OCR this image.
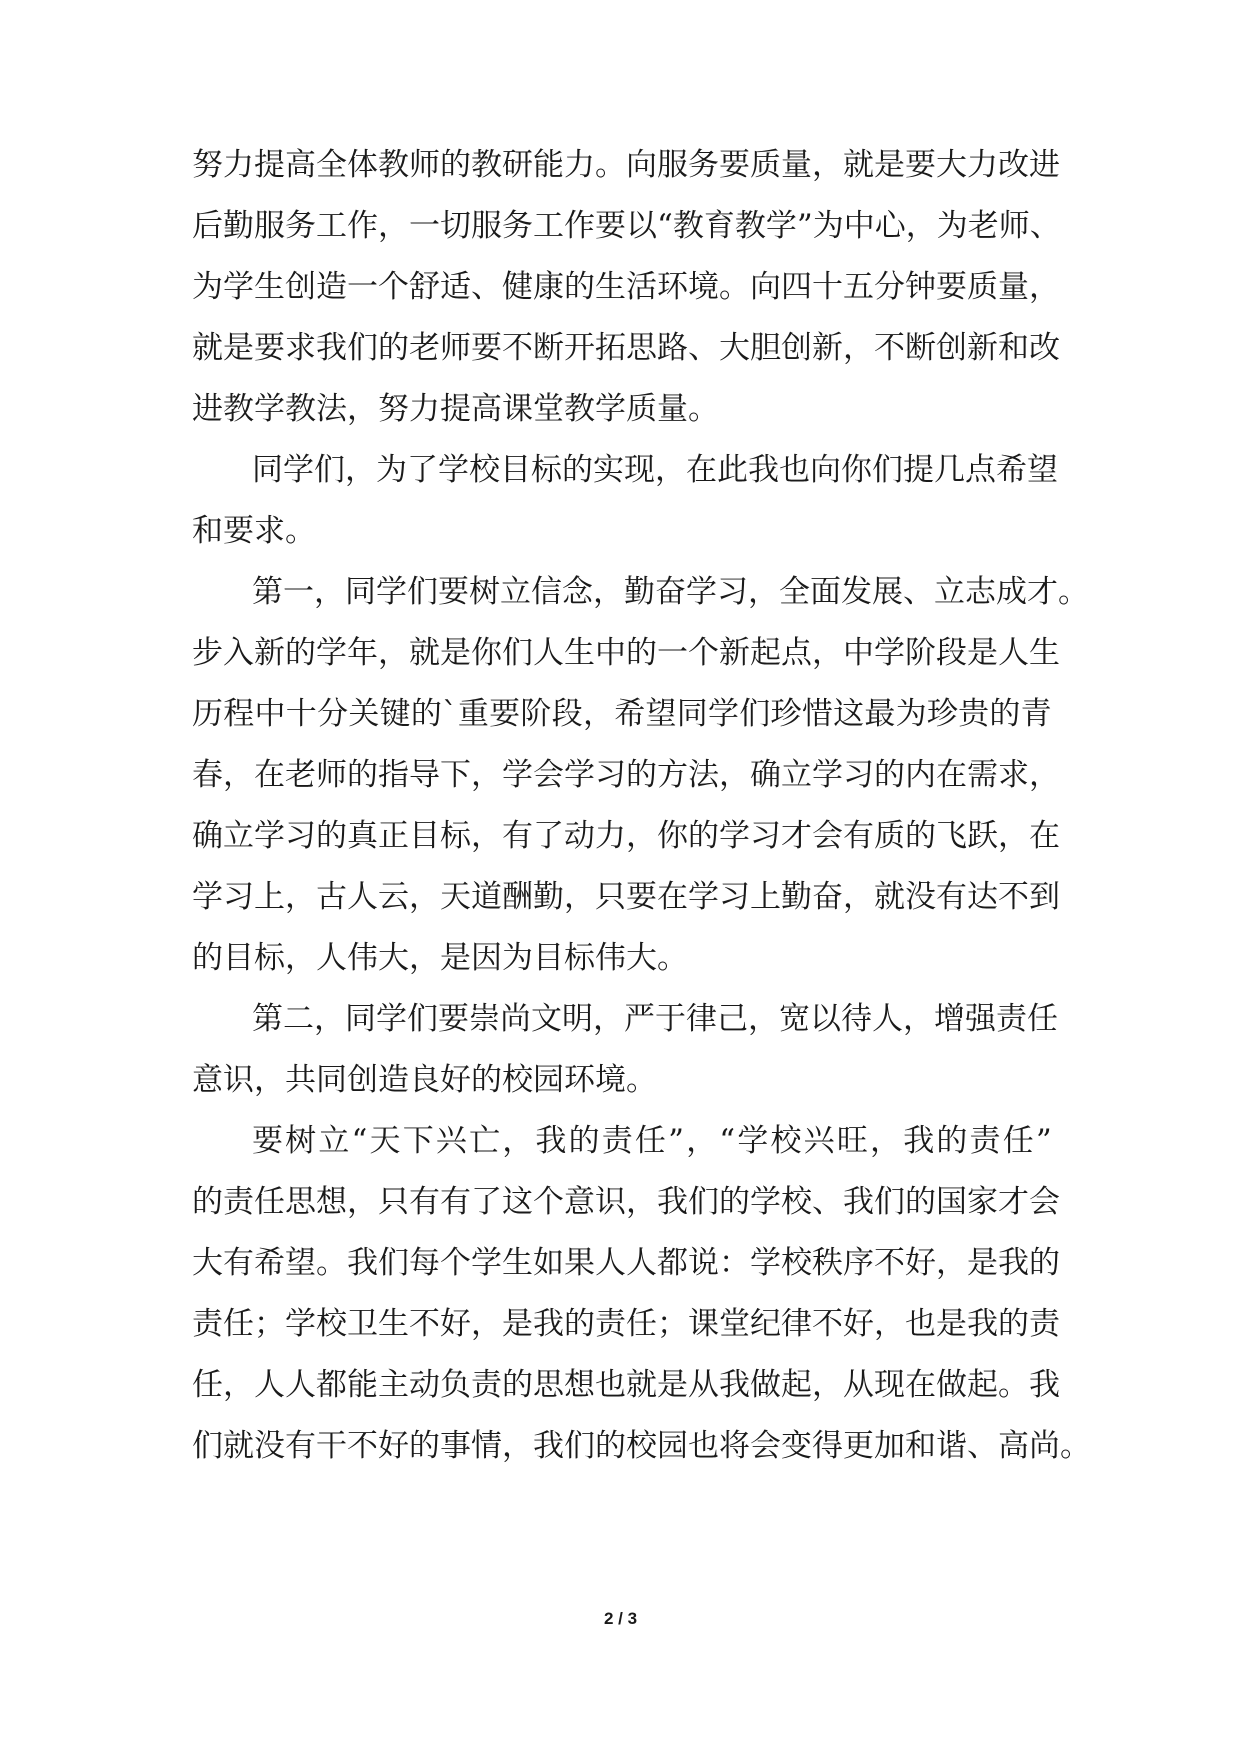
努 力 提 高 全 体 教 师 的 教 研 能 力 。 向 服 务 要 质 量 ， 就 是 要 大 力 改 进
后 勤 服 务 工 作 ， 一 切 服 务 工 作 要 以 “ 教 育 教 学 ” 为 中 心 ， 为 老 师 、
为 学 生 创 造 一 个 舒 适 、 健 康 的 生 活 环 境 。 向 四 十 五 分 钟 要 质 量 ，
就 是 要 求 我 们 的 老 师 要 不 断 开 拓 思 路 、 大 胆 创 新 ， 不 断 创 新 和 改
进教学教法，努力提高课堂教学质量。
同 学 们 ， 为 了 学 校 目 标 的 实 现 ， 在 此 我 也 向 你 们 提 几 点 希 望
和要求。
第 一 ， 同 学 们 要 树 立 信 念 ， 勤 奋 学 习 ， 全 面 发 展 、 立 志 成 才 。
步 入 新 的 学 年 ， 就 是 你 们 人 生 中 的 一 个 新 起 点 ， 中 学 阶 段 是 人 生
历 程 中 十 分 关 键 的 ` 重 要 阶 段 ， 希 望 同 学 们 珍 惜 这 最 为 珍 贵 的 青
春 ， 在 老 师 的 指 导 下 ， 学 会 学 习 的 方 法 ， 确 立 学 习 的 内 在 需 求 ，
确 立 学 习 的 真 正 目 标 ， 有 了 动 力 ， 你 的 学 习 才 会 有 质 的 飞 跃 ， 在
学 习 上 ， 古 人 云 ， 天 道 酬 勤 ， 只 要 在 学 习 上 勤 奋 ， 就 没 有 达 不 到
的目标，人伟大，是因为目标伟大。
第 二 ， 同 学 们 要 崇 尚 文 明 ， 严 于 律 己 ， 宽 以 待 人 ， 增 强 责 任
意识，共同创造良好的校园环境。
要 树 立 “ 天 下 兴 亡 ， 我 的 责 任 ” ， “ 学 校 兴 旺 ， 我 的 责 任 ”
的 责 任 思 想 ， 只 有 有 了 这 个 意 识 ， 我 们 的 学 校 、 我 们 的 国 家 才 会
大 有 希 望 。 我 们 每 个 学 生 如 果 人 人 都 说 ： 学 校 秩 序 不 好 ， 是 我 的
责 任 ； 学 校 卫 生 不 好 ， 是 我 的 责 任 ； 课 堂 纪 律 不 好 ， 也 是 我 的 责
任 ， 人 人 都 能 主 动 负 责 的 思 想 也 就 是 从 我 做 起 ， 从 现 在 做 起 。 我
们 就 没 有 干 不 好 的 事 情 ， 我 们 的 校 园 也 将 会 变 得 更 加 和 谐 、 高 尚 。
2 / 3
